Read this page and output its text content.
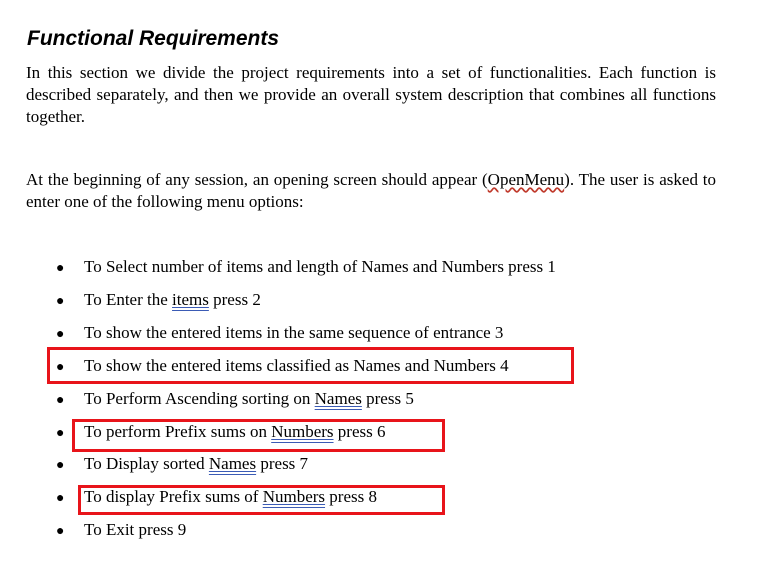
Functional Requirements

In this section we divide the project requirements into a set of functionalities. Each function is described separately, and then we provide an overall system description that combines all functions together.

At the beginning of any session, an opening screen should appear (OpenMenu). The user is asked to enter one of the following menu options:

● To Select number of items and length of Names and Numbers press 1
● To Enter the items press 2
● To show the entered items in the same sequence of entrance 3
● To show the entered items classified as Names and Numbers 4
● To Perform Ascending sorting on Names press 5
● To perform Prefix sums on Numbers press 6
● To Display sorted Names press 7
● To display Prefix sums of Numbers press 8
● To Exit press 9
